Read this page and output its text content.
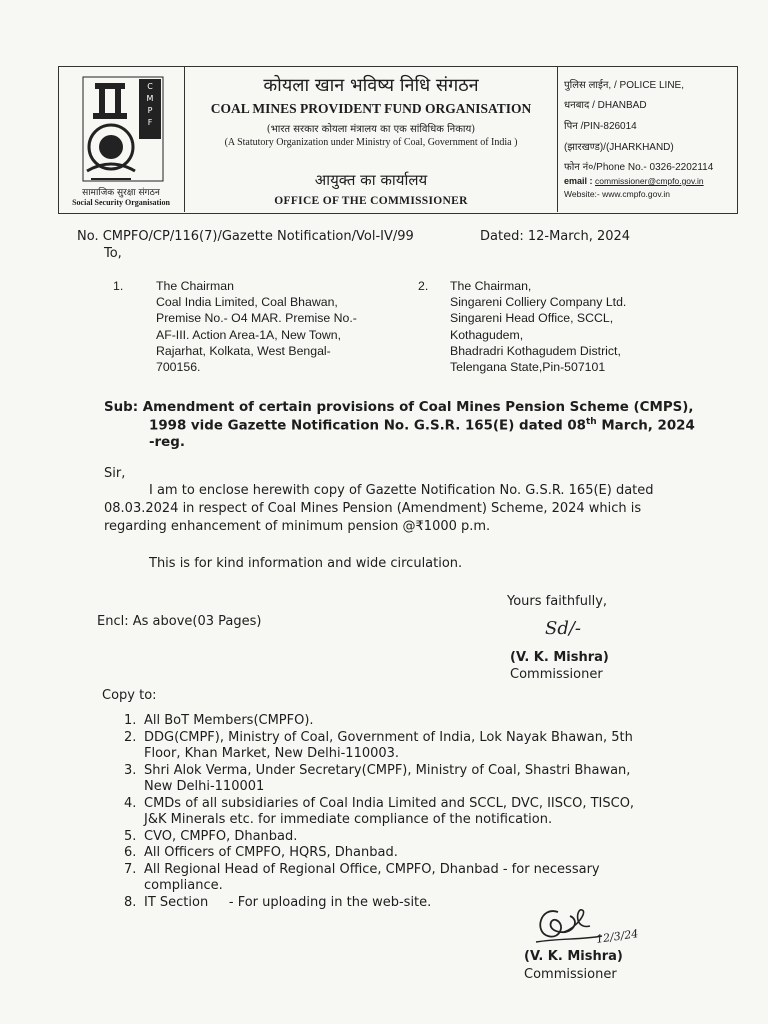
C
M
P
F
सामाजिक सुरक्षा संगठन
Social Security Organisation
कोयला खान भविष्य निधि संगठन
COAL MINES PROVIDENT FUND ORGANISATION
(भारत सरकार कोयला मंत्रालय का एक सांविधिक निकाय)
(A Statutory Organization under Ministry of Coal, Government of India )
आयुक्त का कार्यालय
OFFICE OF THE COMMISSIONER
पुलिस लाईन, / POLICE LINE,
धनबाद / DHANBAD
पिन /PIN-826014
(झारखण्ड)/(JHARKHAND)
फोन नं०/Phone No.- 0326-2202114
email : commissioner@cmpfo.gov.in
Website:- www.cmpfo.gov.in
No. CMPFO/CP/116(7)/Gazette Notification/Vol-IV/99	Dated: 12-March, 2024
To,
1.	The Chairman
Coal India Limited, Coal Bhawan,
Premise No.- O4 MAR. Premise No.-
AF-III. Action Area-1A, New Town,
Rajarhat, Kolkata, West Bengal-
700156.
2. The Chairman,
Singareni Colliery Company Ltd.
Singareni Head Office, SCCL,
Kothagudem,
Bhadradri Kothagudem District,
Telengana State,Pin-507101
Sub: Amendment of certain provisions of Coal Mines Pension Scheme (CMPS),
1998 vide Gazette Notification No. G.S.R. 165(E) dated 08th March, 2024
-reg.
Sir,
I am to enclose herewith copy of Gazette Notification No. G.S.R. 165(E) dated
08.03.2024 in respect of Coal Mines Pension (Amendment) Scheme, 2024 which is
regarding enhancement of minimum pension @₹1000 p.m.
This is for kind information and wide circulation.
Yours faithfully,
Encl: As above(03 Pages)	Sd/-
(V. K. Mishra)
Commissioner
Copy to:
1. All BoT Members(CMPFO).
2. DDG(CMPF), Ministry of Coal, Government of India, Lok Nayak Bhawan, 5th
Floor, Khan Market, New Delhi-110003.
3. Shri Alok Verma, Under Secretary(CMPF), Ministry of Coal, Shastri Bhawan,
New Delhi-110001
4. CMDs of all subsidiaries of Coal India Limited and SCCL, DVC, IISCO, TISCO,
J&K Minerals etc. for immediate compliance of the notification.
5. CVO, CMPFO, Dhanbad.
6. All Officers of CMPFO, HQRS, Dhanbad.
7. All Regional Head of Regional Office, CMPFO, Dhanbad - for necessary
compliance.
8. IT Section     - For uploading in the web-site.
12/3/24
(V. K. Mishra)
Commissioner
